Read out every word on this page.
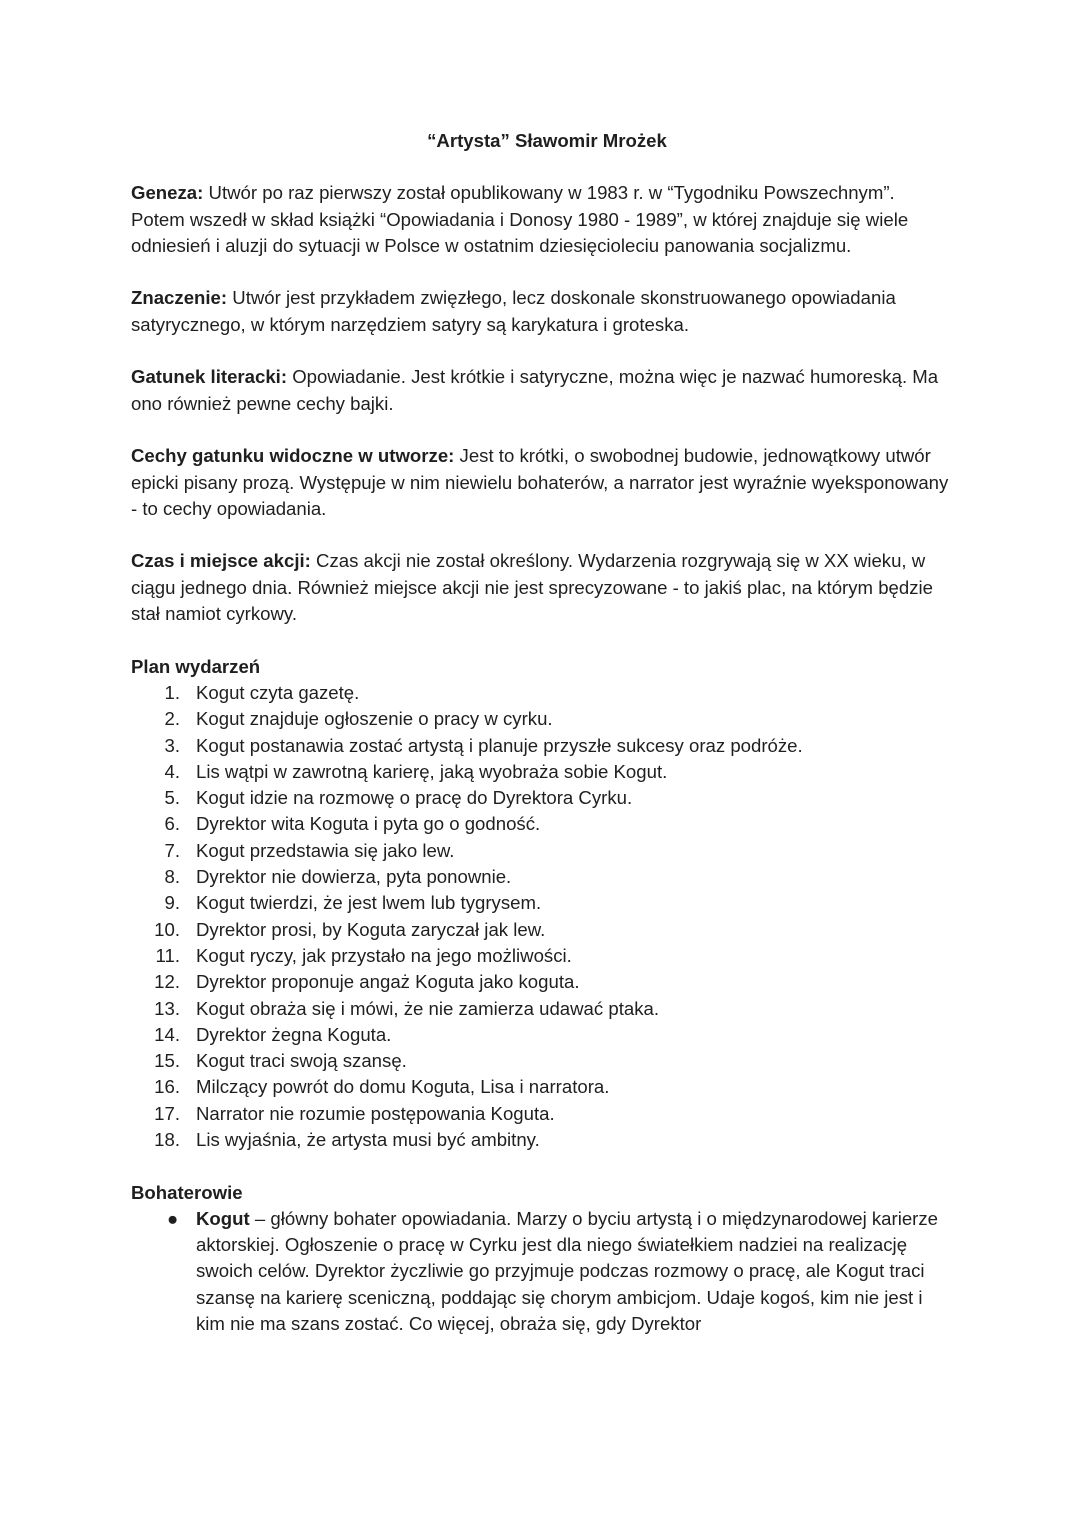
“Artysta” Sławomir Mrożek

Geneza: Utwór po raz pierwszy został opublikowany w 1983 r. w “Tygodniku Powszechnym”. Potem wszedł w skład książki “Opowiadania i Donosy 1980 - 1989”, w której znajduje się wiele odniesień i aluzji do sytuacji w Polsce w ostatnim dziesięcioleciu panowania socjalizmu.

Znaczenie: Utwór jest przykładem zwięzłego, lecz doskonale skonstruowanego opowiadania satyrycznego, w którym narzędziem satyry są karykatura i groteska.

Gatunek literacki: Opowiadanie. Jest krótkie i satyryczne, można więc je nazwać humoreską. Ma ono również pewne cechy bajki.

Cechy gatunku widoczne w utworze: Jest to krótki, o swobodnej budowie, jednowątkowy utwór epicki pisany prozą. Występuje w nim niewielu bohaterów, a narrator jest wyraźnie wyeksponowany - to cechy opowiadania.

Czas i miejsce akcji: Czas akcji nie został określony. Wydarzenia rozgrywają się w XX wieku, w ciągu jednego dnia. Również miejsce akcji nie jest sprecyzowane - to jakiś plac, na którym będzie stał namiot cyrkowy.

Plan wydarzeń
1. Kogut czyta gazetę.
2. Kogut znajduje ogłoszenie o pracy w cyrku.
3. Kogut postanawia zostać artystą i planuje przyszłe sukcesy oraz podróże.
4. Lis wątpi w zawrotną karierę, jaką wyobraża sobie Kogut.
5. Kogut idzie na rozmowę o pracę do Dyrektora Cyrku.
6. Dyrektor wita Koguta i pyta go o godność.
7. Kogut przedstawia się jako lew.
8. Dyrektor nie dowierza, pyta ponownie.
9. Kogut twierdzi, że jest lwem lub tygrysem.
10. Dyrektor prosi, by Koguta zaryczał jak lew.
11. Kogut ryczy, jak przystało na jego możliwości.
12. Dyrektor proponuje angaż Koguta jako koguta.
13. Kogut obraża się i mówi, że nie zamierza udawać ptaka.
14. Dyrektor żegna Koguta.
15. Kogut traci swoją szansę.
16. Milczący powrót do domu Koguta, Lisa i narratora.
17. Narrator nie rozumie postępowania Koguta.
18. Lis wyjaśnia, że artysta musi być ambitny.
Bohaterowie
● Kogut – główny bohater opowiadania. Marzy o byciu artystą i o międzynarodowej karierze aktorskiej. Ogłoszenie o pracę w Cyrku jest dla niego światełkiem nadziei na realizację swoich celów. Dyrektor życzliwie go przyjmuje podczas rozmowy o pracę, ale Kogut traci szansę na karierę sceniczną, poddając się chorym ambicjom. Udaje kogoś, kim nie jest i kim nie ma szans zostać. Co więcej, obraża się, gdy Dyrektor
